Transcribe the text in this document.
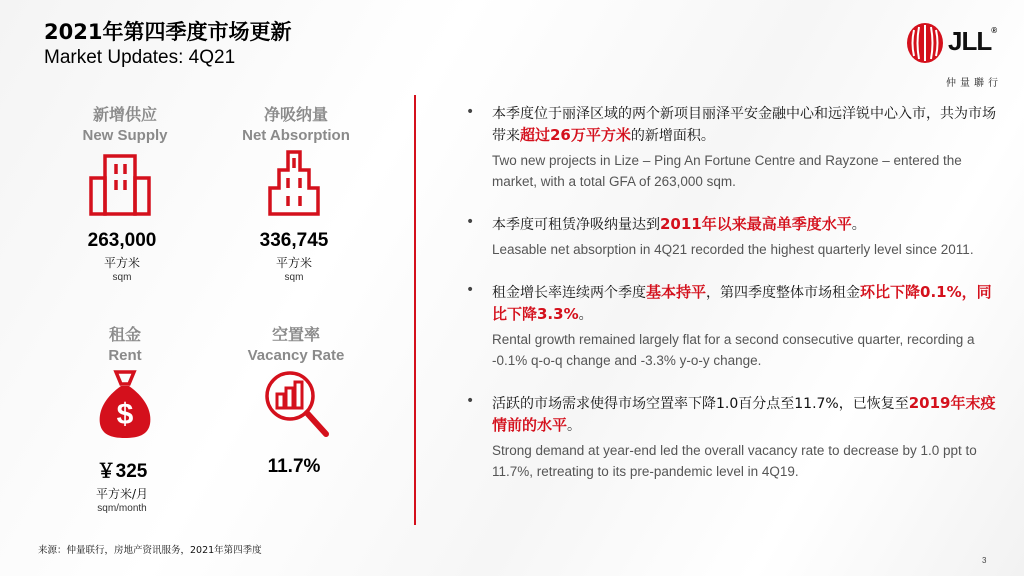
2021年第四季度市场更新
Market Updates: 4Q21
JLL®
仲量聯行
新增供应
New Supply
263,000
平方米
sqm
净吸纳量
Net Absorption
336,745
平方米
sqm
租金
Rent
$
￥325
平方米/月
sqm/month
空置率
Vacancy Rate
11.7%
• 本季度位于丽泽区域的两个新项目丽泽平安金融中心和远洋锐中心入市，共为市场带来超过26万平方米的新增面积。
Two new projects in Lize – Ping An Fortune Centre and Rayzone – entered the market, with a total GFA of 263,000 sqm.
• 本季度可租赁净吸纳量达到2011年以来最高单季度水平。
Leasable net absorption in 4Q21 recorded the highest quarterly level since 2011.
• 租金增长率连续两个季度基本持平，第四季度整体市场租金环比下降0.1%，同比下降3.3%。
Rental growth remained largely flat for a second consecutive quarter, recording a -0.1% q-o-q change and -3.3% y-o-y change.
• 活跃的市场需求使得市场空置率下降1.0百分点至11.7%，已恢复至2019年末疫情前的水平。
Strong demand at year-end led the overall vacancy rate to decrease by 1.0 ppt to 11.7%, retreating to its pre-pandemic level in 4Q19.
来源：仲量联行，房地产资讯服务，2021年第四季度
3
